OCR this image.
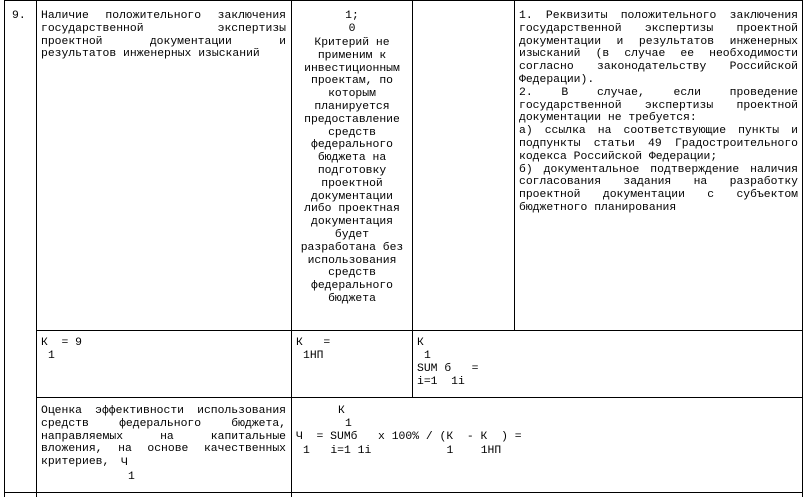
9. Наличие положительного заключения государственной экспертизы проектной документации и результатов инженерных изысканий
1;
0
Критерий не применим к инвестиционным проектам, по которым планируется предоставление средств федерального бюджета на подготовку проектной документации либо проектная документация будет разработана без использования средств федерального бюджета
1. Реквизиты положительного заключения государственной экспертизы проектной документации и результатов инженерных изысканий (в случае ее необходимости согласно законодательству Российской Федерации).
2. В случае, если проведение государственной экспертизы проектной документации не требуется:
а) ссылка на соответствующие пункты и подпункты статьи 49 Градостроительного кодекса Российской Федерации;
б) документальное подтверждение наличия согласования задания на разработку проектной документации с субъектом бюджетного планирования
К  = 9
1
К   =
1НП
К
1
SUM б   =
i=1  1i
Оценка эффективности использования средств федерального бюджета, направляемых на капитальные вложения, на основе качественных критериев,	Ч
1
К
1
Ч  = SUMб   x 100% / (К  - К  ) =
1   i=1 1i           1    1НП
